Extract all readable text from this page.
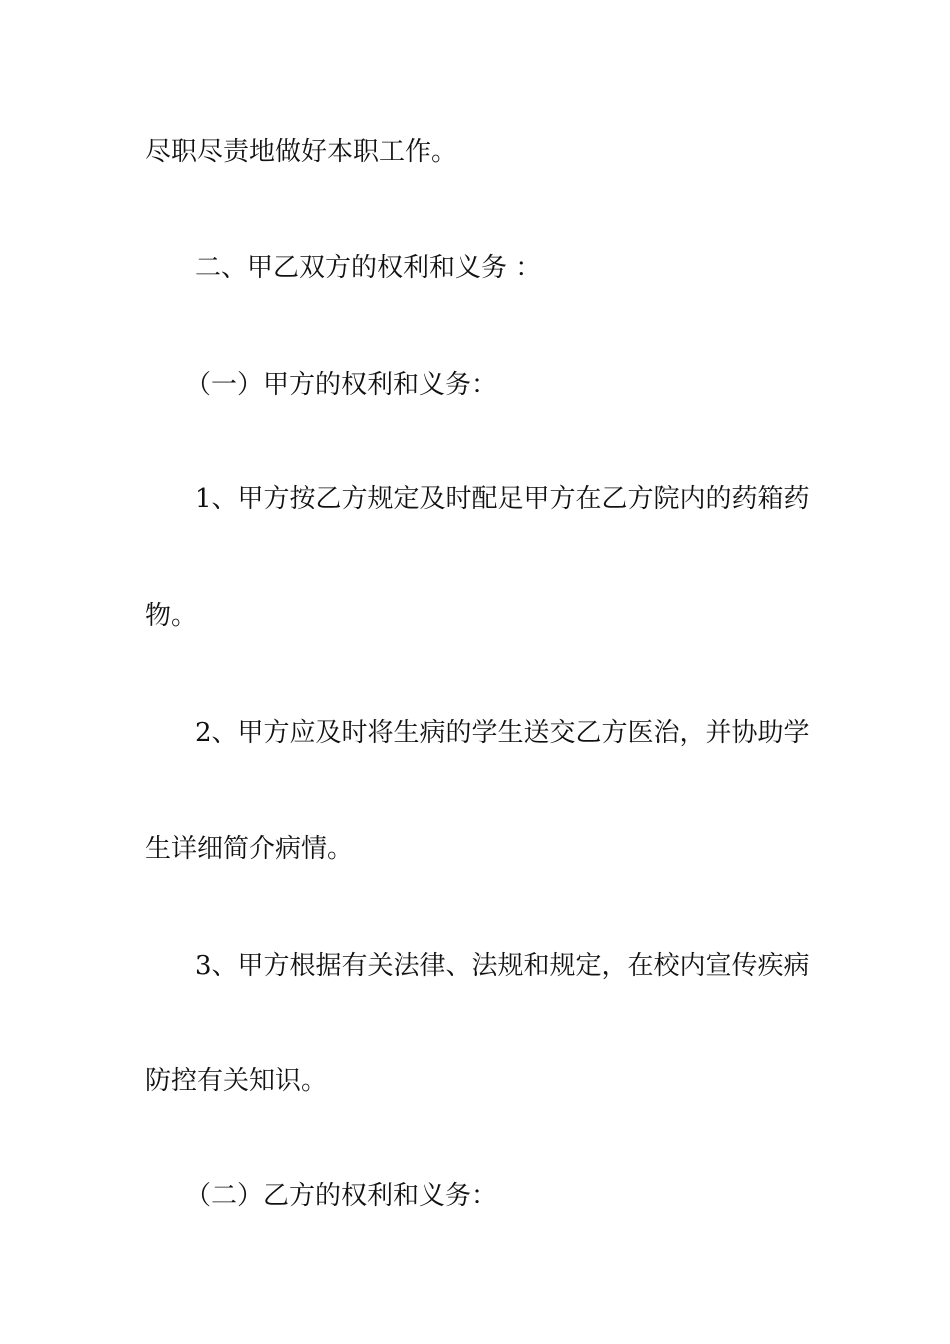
尽职尽责地做好本职工作。

二、甲乙双方的权利和义务 ：

（一）甲方的权利和义务：

1、甲方按乙方规定及时配足甲方在乙方院内的药箱药

物。

2、甲方应及时将生病的学生送交乙方医治，并协助学

生详细简介病情。

3、甲方根据有关法律、法规和规定，在校内宣传疾病

防控有关知识。

（二）乙方的权利和义务：
